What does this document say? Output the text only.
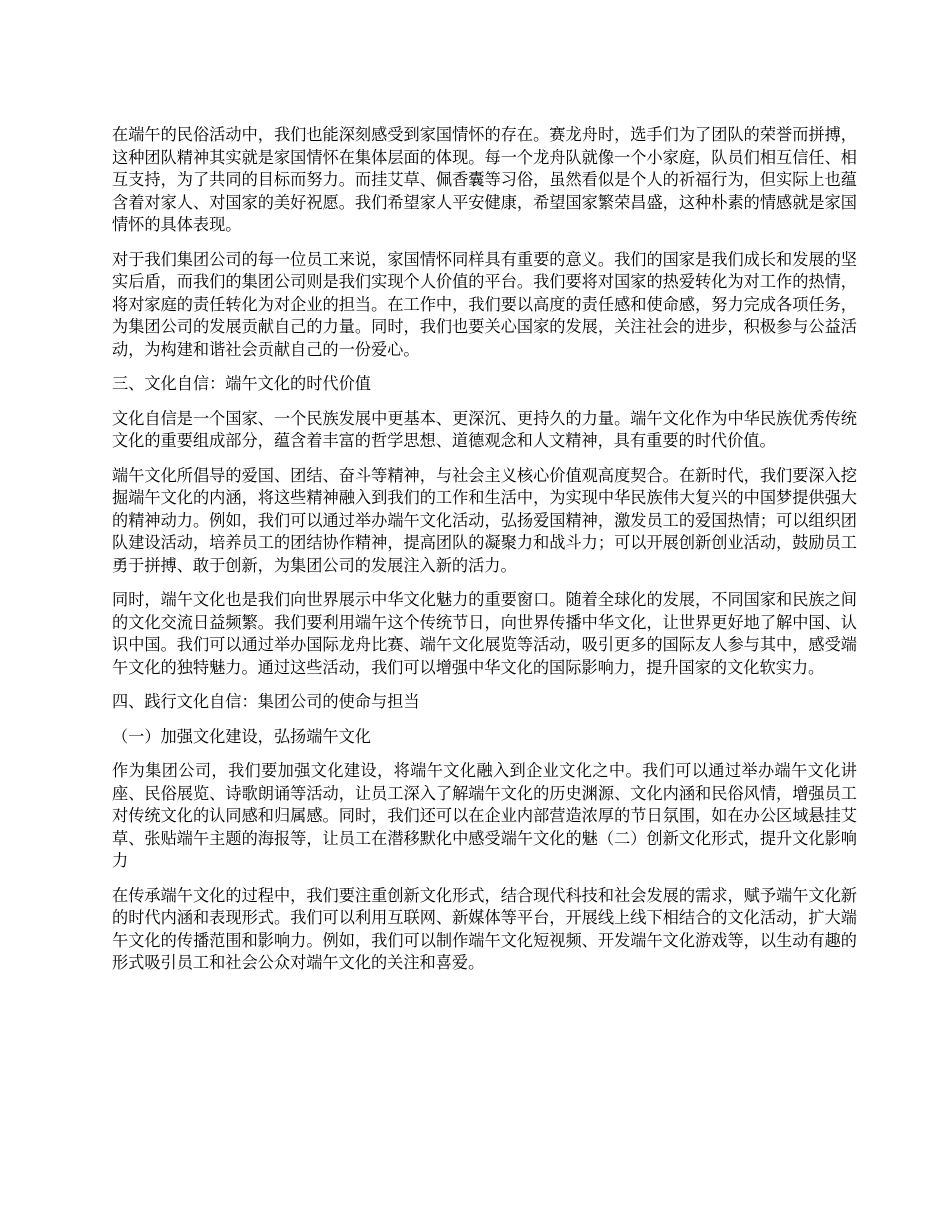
在端午的民俗活动中，我们也能深刻感受到家国情怀的存在。赛龙舟时，选手们为了团队的荣誉而拼搏，这种团队精神其实就是家国情怀在集体层面的体现。每一个龙舟队就像一个小家庭，队员们相互信任、相互支持，为了共同的目标而努力。而挂艾草、佩香囊等习俗，虽然看似是个人的祈福行为，但实际上也蕴含着对家人、对国家的美好祝愿。我们希望家人平安健康，希望国家繁荣昌盛，这种朴素的情感就是家国情怀的具体表现。

对于我们集团公司的每一位员工来说，家国情怀同样具有重要的意义。我们的国家是我们成长和发展的坚实后盾，而我们的集团公司则是我们实现个人价值的平台。我们要将对国家的热爱转化为对工作的热情，将对家庭的责任转化为对企业的担当。在工作中，我们要以高度的责任感和使命感，努力完成各项任务，为集团公司的发展贡献自己的力量。同时，我们也要关心国家的发展，关注社会的进步，积极参与公益活动，为构建和谐社会贡献自己的一份爱心。

三、文化自信：端午文化的时代价值

文化自信是一个国家、一个民族发展中更基本、更深沉、更持久的力量。端午文化作为中华民族优秀传统文化的重要组成部分，蕴含着丰富的哲学思想、道德观念和人文精神，具有重要的时代价值。

端午文化所倡导的爱国、团结、奋斗等精神，与社会主义核心价值观高度契合。在新时代，我们要深入挖掘端午文化的内涵，将这些精神融入到我们的工作和生活中，为实现中华民族伟大复兴的中国梦提供强大的精神动力。例如，我们可以通过举办端午文化活动，弘扬爱国精神，激发员工的爱国热情；可以组织团队建设活动，培养员工的团结协作精神，提高团队的凝聚力和战斗力；可以开展创新创业活动，鼓励员工勇于拼搏、敢于创新，为集团公司的发展注入新的活力。

同时，端午文化也是我们向世界展示中华文化魅力的重要窗口。随着全球化的发展，不同国家和民族之间的文化交流日益频繁。我们要利用端午这个传统节日，向世界传播中华文化，让世界更好地了解中国、认识中国。我们可以通过举办国际龙舟比赛、端午文化展览等活动，吸引更多的国际友人参与其中，感受端午文化的独特魅力。通过这些活动，我们可以增强中华文化的国际影响力，提升国家的文化软实力。

四、践行文化自信：集团公司的使命与担当

（一）加强文化建设，弘扬端午文化

作为集团公司，我们要加强文化建设，将端午文化融入到企业文化之中。我们可以通过举办端午文化讲座、民俗展览、诗歌朗诵等活动，让员工深入了解端午文化的历史渊源、文化内涵和民俗风情，增强员工对传统文化的认同感和归属感。同时，我们还可以在企业内部营造浓厚的节日氛围，如在办公区域悬挂艾草、张贴端午主题的海报等，让员工在潜移默化中感受端午文化的魅（二）创新文化形式，提升文化影响力

在传承端午文化的过程中，我们要注重创新文化形式，结合现代科技和社会发展的需求，赋予端午文化新的时代内涵和表现形式。我们可以利用互联网、新媒体等平台，开展线上线下相结合的文化活动，扩大端午文化的传播范围和影响力。例如，我们可以制作端午文化短视频、开发端午文化游戏等，以生动有趣的形式吸引员工和社会公众对端午文化的关注和喜爱。
